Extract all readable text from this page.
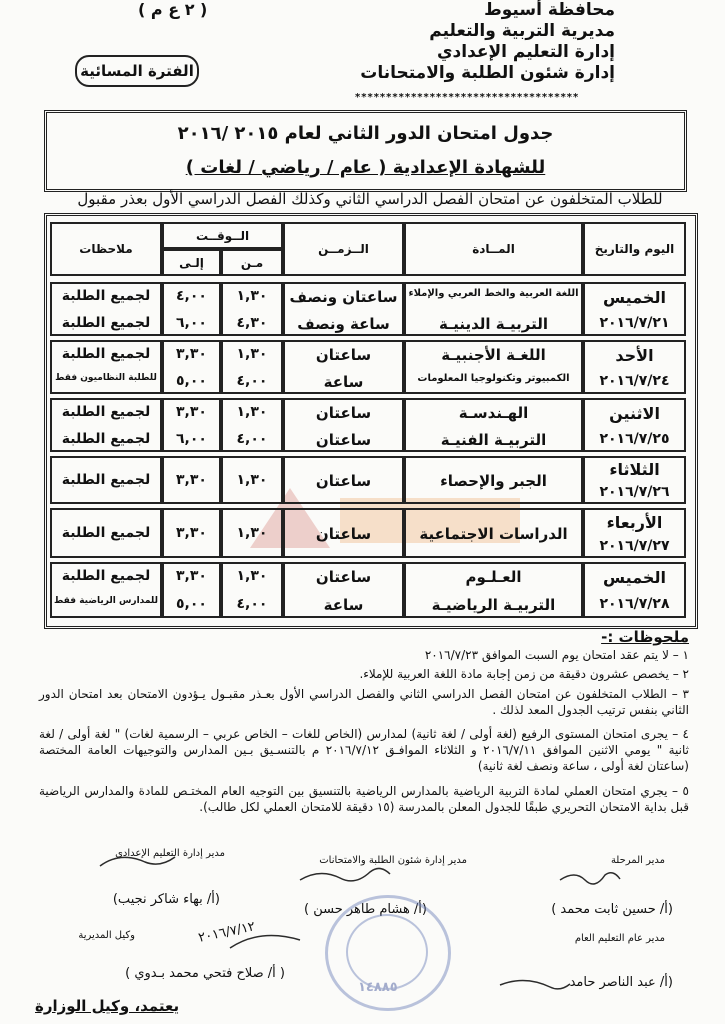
( ٢ ع م )	محافظة أسيوط
مديرية التربية والتعليم
إدارة التعليم الإعدادي
إدارة شئون الطلبة والامتحانات
الفترة المسائية
************************************
جدول امتحان الدور الثاني لعام ٢٠١٥ /٢٠١٦
للشهادة الإعدادية ( عام / رياضي / لغات )
للطلاب المتخلفون عن امتحان الفصل الدراسي الثاني وكذلك الفصل الدراسي الأول بعذر مقبول
اليوم والتاريخ
المــادة
الــزمــن
الــوقــت
مـن
إلـى
ملاحظات
الخميس
٢٠١٦/٧/٢١
اللغة العربية والخط العربي والإملاء
التربيـة الدينيـة
ساعتان ونصف
ساعة ونصف
١,٣٠
٤,٣٠
٤,٠٠
٦,٠٠
لجميع الطلبة
لجميع الطلبة
الأحد
٢٠١٦/٧/٢٤
اللغـة الأجنبيـة
الكمبيوتر وتكنولوجيا المعلومات
ساعتان
ساعة
١,٣٠
٤,٠٠
٣,٣٠
٥,٠٠
لجميع الطلبة
للطلبة النظاميون فقط
الاثنين
٢٠١٦/٧/٢٥
الهـندسـة
التربيـة الفنيـة
ساعتان
ساعتان
١,٣٠
٤,٠٠
٣,٣٠
٦,٠٠
لجميع الطلبة
لجميع الطلبة
الثلاثاء
٢٠١٦/٧/٢٦
الجبر والإحصاء
ساعتان
١,٣٠
٣,٣٠
لجميع الطلبة
الأربعاء
٢٠١٦/٧/٢٧
الدراسات الاجتماعية
ساعتان
١,٣٠
٣,٣٠
لجميع الطلبة
الخميس
٢٠١٦/٧/٢٨
العـلـوم
التربيـة الرياضيـة
ساعتان
ساعة
١,٣٠
٤,٠٠
٣,٣٠
٥,٠٠
لجميع الطلبة
للمدارس الرياضية فقط
ملحوظات :-
١ – لا يتم عقد امتحان يوم السبت الموافق ٢٠١٦/٧/٢٣
٢ – يخصص عشرون دقيقة من زمن إجابة مادة اللغة العربية للإملاء.
٣ – الطلاب المتخلفون عن امتحان الفصل الدراسي الثاني والفصل الدراسي الأول بعـذر مقبـول يـؤدون الامتحان بعد امتحان الدور الثاني بنفس ترتيب الجدول المعد لذلك .
٤ – يجرى امتحان المستوى الرفيع (لغة أولى / لغة ثانية) لمدارس (الخاص للغات – الخاص عربي – الرسمية لغات) " لغة أولى / لغة ثانية " يومي الاثنين الموافق ٢٠١٦/٧/١١ و الثلاثاء الموافـق ٢٠١٦/٧/١٢ م بالتنسـيق بـين المدارس والتوجيهات العامة المختصة (ساعتان لغة أولى ، ساعة ونصف لغة ثانية)
٥ – يجري امتحان العملي لمادة التربية الرياضية بالمدارس الرياضية بالتنسيق بين التوجيه العام المختـص للمادة والمدارس الرياضية قبل بداية الامتحان التحريري طبقًا للجدول المعلن بالمدرسة (١٥ دقيقة للامتحان العملي لكل طالب).
مدير المرحلة
(أ/ حسين ثابت محمد )
مدير إدارة شئون الطلبة والامتحانات
(أ/ هشام طاهر حسن )
مدير إدارة التعليم الإعدادي
(أ/ بهاء شاكر نجيب)
وكيل المديرية
( أ/ صلاح فتحي محمد بـدوي )
مدير عام التعليم العام
(أ/ عبد الناصر حامد
يعتمد، وكيل الوزارة
١٤٨٨٥
٢٠١٦/٧/١٢
